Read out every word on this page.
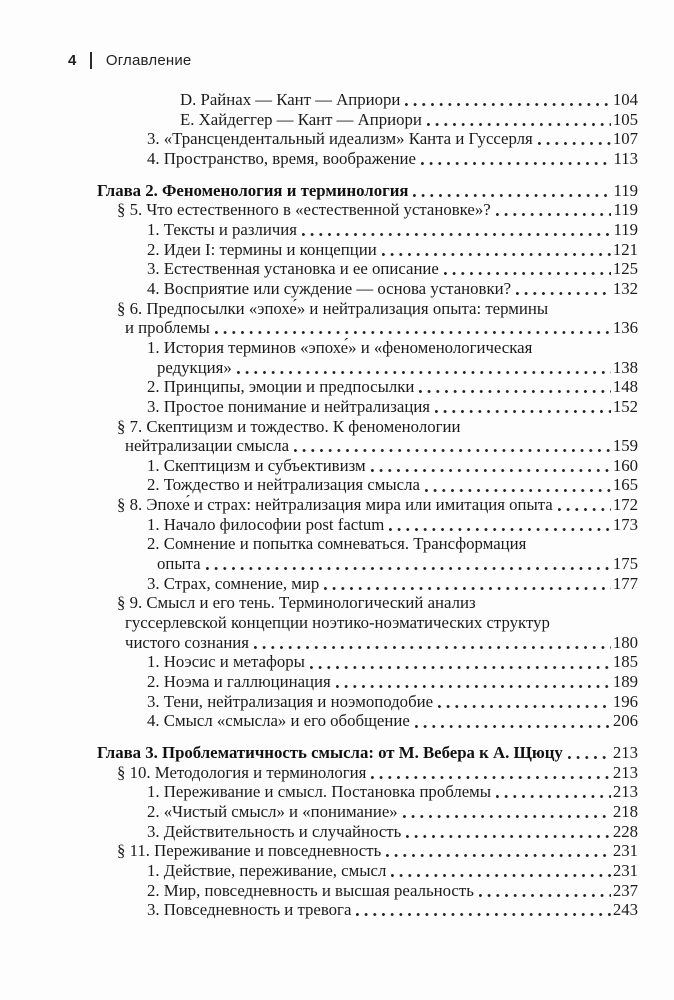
4 Оглавление
D. Райнах — Кант — Априори	104
E. Хайдеггер — Кант — Априори	105
3. «Трансцендентальный идеализм» Канта и Гуссерля	107
4. Пространство, время, воображение	113
Глава 2. Феноменология и терминология	119
§ 5. Что естественного в «естественной установке»?	119
1. Тексты и различия	119
2. Идеи I: термины и концепции	121
3. Естественная установка и ее описание	125
4. Восприятие или суждение — основа установки?	132
§ 6. Предпосылки «эпохе́» и нейтрализация опыта: термины
и проблемы	136
1. История терминов «эпохе́» и «феноменологическая
редукция»	138
2. Принципы, эмоции и предпосылки	148
3. Простое понимание и нейтрализация	152
§ 7. Скептицизм и тождество. К феноменологии
нейтрализации смысла	159
1. Скептицизм и субъективизм	160
2. Тождество и нейтрализация смысла	165
§ 8. Эпохе́ и страх: нейтрализация мира или имитация опыта	172
1. Начало философии post factum	173
2. Сомнение и попытка сомневаться. Трансформация
опыта	175
3. Страх, сомнение, мир	177
§ 9. Смысл и его тень. Терминологический анализ
гуссерлевской концепции ноэтико-ноэматических структур
чистого сознания	180
1. Ноэсис и метафоры	185
2. Ноэма и галлюцинация	189
3. Тени, нейтрализация и ноэмоподобие	196
4. Смысл «смысла» и его обобщение	206
Глава 3. Проблематичность смысла: от М. Вебера к А. Щюцу	213
§ 10. Методология и терминология	213
1. Переживание и смысл. Постановка проблемы	213
2. «Чистый смысл» и «понимание»	218
3. Действительность и случайность	228
§ 11. Переживание и повседневность	231
1. Действие, переживание, смысл	231
2. Мир, повседневность и высшая реальность	237
3. Повседневность и тревога	243
